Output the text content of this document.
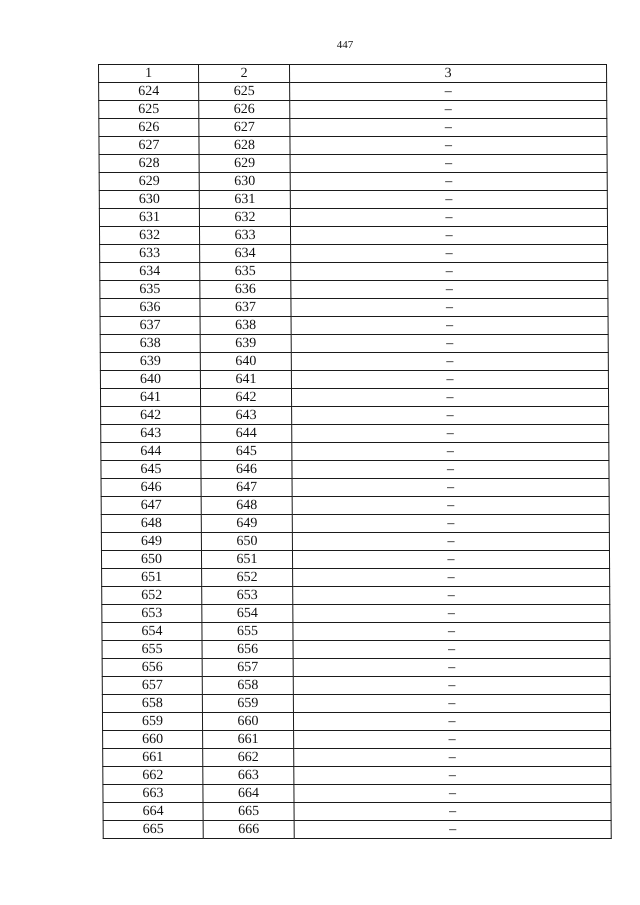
447
1	2	3
624	625	–
625	626	–
626	627	–
627	628	–
628	629	–
629	630	–
630	631	–
631	632	–
632	633	–
633	634	–
634	635	–
635	636	–
636	637	–
637	638	–
638	639	–
639	640	–
640	641	–
641	642	–
642	643	–
643	644	–
644	645	–
645	646	–
646	647	–
647	648	–
648	649	–
649	650	–
650	651	–
651	652	–
652	653	–
653	654	–
654	655	–
655	656	–
656	657	–
657	658	–
658	659	–
659	660	–
660	661	–
661	662	–
662	663	–
663	664	–
664	665	–
665	666	–
